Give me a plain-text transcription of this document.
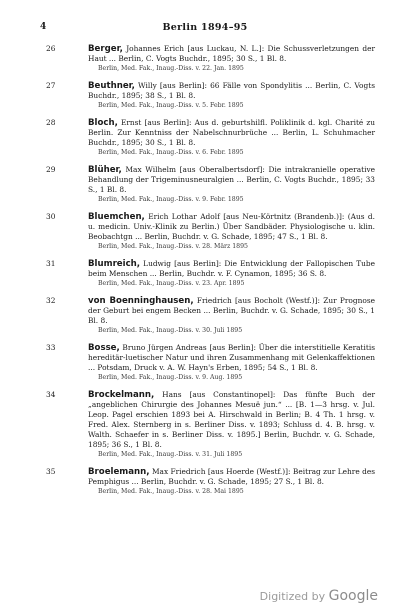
4	Berlin 1894–95
26	Berger, Johannes Erich [aus Luckau, N. L.]: Die Schussverletzungen der Haut ... Berlin, C. Vogts Buchdr., 1895; 30 S., 1 Bl. 8.
Berlin, Med. Fak., Inaug.-Diss. v. 22. Jan. 1895
27	Beuthner, Willy [aus Berlin]: 66 Fälle von Spondylitis ... Berlin, C. Vogts Buchdr., 1895; 38 S., 1 Bl. 8.
Berlin, Med. Fak., Inaug.-Diss. v. 5. Febr. 1895
28	Bloch, Ernst [aus Berlin]: Aus d. geburtshilfl. Poliklinik d. kgl. Charité zu Berlin. Zur Kenntniss der Nabelschnurbrüche ... Berlin, L. Schuhmacher Buchdr., 1895; 30 S., 1 Bl. 8.
Berlin, Med. Fak., Inaug.-Diss. v. 6. Febr. 1895
29	Blüher, Max Wilhelm [aus Oberalbertsdorf]: Die intrakranielle operative Behandlung der Trigeminusneuralgien ... Berlin, C. Vogts Buchdr., 1895; 33 S., 1 Bl. 8.
Berlin, Med. Fak., Inaug.-Diss. v. 9. Febr. 1895
30	Bluemchen, Erich Lothar Adolf [aus Neu-Körtnitz (Brandenb.)]: (Aus d. u. medicin. Univ.-Klinik zu Berlin.) Über Sandbäder. Physiologische u. klin. Beobachtgn ... Berlin, Buchdr. v. G. Schade, 1895; 47 S., 1 Bl. 8.
Berlin, Med. Fak., Inaug.-Diss. v. 28. März 1895
31	Blumreich, Ludwig [aus Berlin]: Die Entwicklung der Fallopischen Tube beim Menschen ... Berlin, Buchdr. v. F. Cynamon, 1895; 36 S. 8.
Berlin, Med. Fak., Inaug.-Diss. v. 23. Apr. 1895
32	von Boenninghausen, Friedrich [aus Bocholt (Westf.)]: Zur Prognose der Geburt bei engem Becken ... Berlin, Buchdr. v. G. Schade, 1895; 30 S., 1 Bl. 8.
Berlin, Med. Fak., Inaug.-Diss. v. 30. Juli 1895
33	Bosse, Bruno Jürgen Andreas [aus Berlin]: Über die interstitielle Keratitis hereditär-luetischer Natur und ihren Zusammenhang mit Gelenkaffektionen ... Potsdam, Druck v. A. W. Hayn's Erben, 1895; 54 S., 1 Bl. 8.
Berlin, Med. Fak., Inaug.-Diss. v. 9. Aug. 1895
34	Brockelmann, Hans [aus Constantinopel]: Das fünfte Buch der „angeblichen Chirurgie des Johannes Mesuë jun.“ ... [B. 1—3 hrsg. v. Jul. Leop. Pagel erschien 1893 bei A. Hirschwald in Berlin; B. 4 Th. 1 hrsg. v. Fred. Alex. Sternberg in s. Berliner Diss. v. 1893; Schluss d. 4. B. hrsg. v. Walth. Schaefer in s. Berliner Diss. v. 1895.] Berlin, Buchdr. v. G. Schade, 1895; 36 S., 1 Bl. 8.
Berlin, Med. Fak., Inaug.-Diss. v. 31. Juli 1895
35	Broelemann, Max Friedrich [aus Hoerde (Westf.)]: Beitrag zur Lehre des Pemphigus ... Berlin, Buchdr. v. G. Schade, 1895; 27 S., 1 Bl. 8.
Berlin, Med. Fak., Inaug.-Diss. v. 28. Mai 1895
Digitized by Google
